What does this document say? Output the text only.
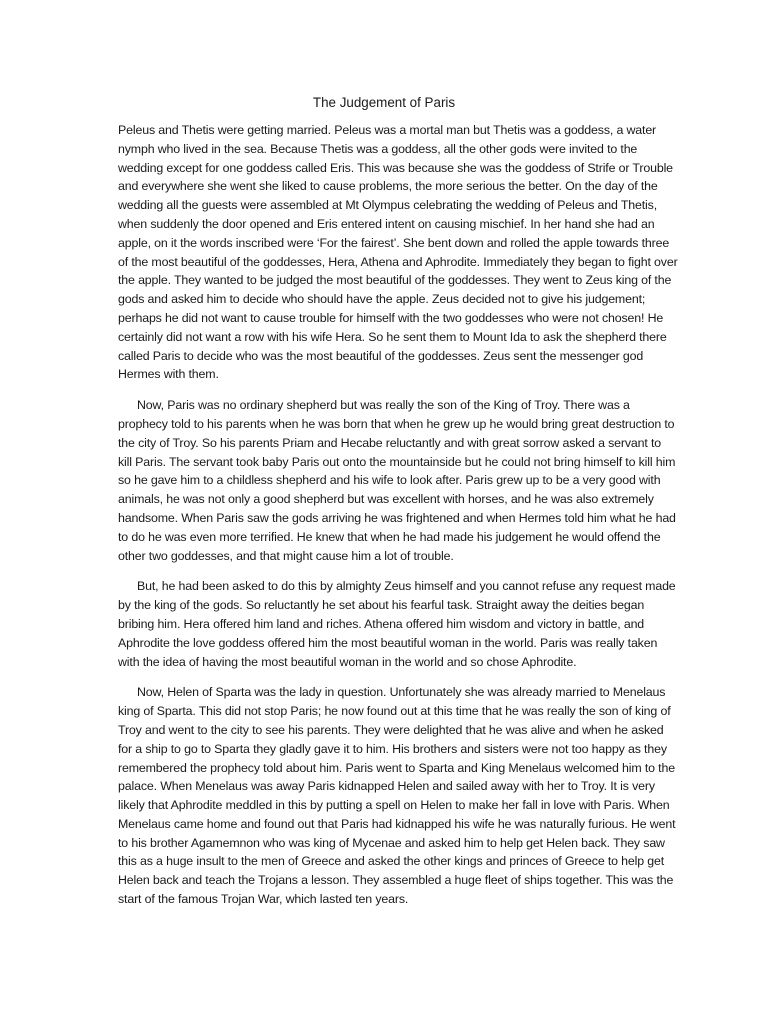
The Judgement of Paris

Peleus and Thetis were getting married. Peleus was a mortal man but Thetis was a goddess, a water nymph who lived in the sea. Because Thetis was a goddess, all the other gods were invited to the wedding except for one goddess called Eris. This was because she was the goddess of Strife or Trouble and everywhere she went she liked to cause problems, the more serious the better. On the day of the wedding all the guests were assembled at Mt Olympus celebrating the wedding of Peleus and Thetis, when suddenly the door opened and Eris entered intent on causing mischief. In her hand she had an apple, on it the words inscribed were ‘For the fairest’. She bent down and rolled the apple towards three of the most beautiful of the goddesses, Hera, Athena and Aphrodite. Immediately they began to fight over the apple. They wanted to be judged the most beautiful of the goddesses. They went to Zeus king of the gods and asked him to decide who should have the apple. Zeus decided not to give his judgement; perhaps he did not want to cause trouble for himself with the two goddesses who were not chosen! He certainly did not want a row with his wife Hera. So he sent them to Mount Ida to ask the shepherd there called Paris to decide who was the most beautiful of the goddesses. Zeus sent the messenger god Hermes with them.

Now, Paris was no ordinary shepherd but was really the son of the King of Troy. There was a prophecy told to his parents when he was born that when he grew up he would bring great destruction to the city of Troy. So his parents Priam and Hecabe reluctantly and with great sorrow asked a servant to kill Paris. The servant took baby Paris out onto the mountainside but he could not bring himself to kill him so he gave him to a childless shepherd and his wife to look after. Paris grew up to be a very good with animals, he was not only a good shepherd but was excellent with horses, and he was also extremely handsome. When Paris saw the gods arriving he was frightened and when Hermes told him what he had to do he was even more terrified. He knew that when he had made his judgement he would offend the other two goddesses, and that might cause him a lot of trouble.

But, he had been asked to do this by almighty Zeus himself and you cannot refuse any request made by the king of the gods. So reluctantly he set about his fearful task. Straight away the deities began bribing him. Hera offered him land and riches. Athena offered him wisdom and victory in battle, and Aphrodite the love goddess offered him the most beautiful woman in the world. Paris was really taken with the idea of having the most beautiful woman in the world and so chose Aphrodite.

Now, Helen of Sparta was the lady in question. Unfortunately she was already married to Menelaus king of Sparta. This did not stop Paris; he now found out at this time that he was really the son of king of Troy and went to the city to see his parents. They were delighted that he was alive and when he asked for a ship to go to Sparta they gladly gave it to him. His brothers and sisters were not too happy as they remembered the prophecy told about him. Paris went to Sparta and King Menelaus welcomed him to the palace. When Menelaus was away Paris kidnapped Helen and sailed away with her to Troy. It is very likely that Aphrodite meddled in this by putting a spell on Helen to make her fall in love with Paris. When Menelaus came home and found out that Paris had kidnapped his wife he was naturally furious. He went to his brother Agamemnon who was king of Mycenae and asked him to help get Helen back. They saw this as a huge insult to the men of Greece and asked the other kings and princes of Greece to help get Helen back and teach the Trojans a lesson. They assembled a huge fleet of ships together. This was the start of the famous Trojan War, which lasted ten years.
